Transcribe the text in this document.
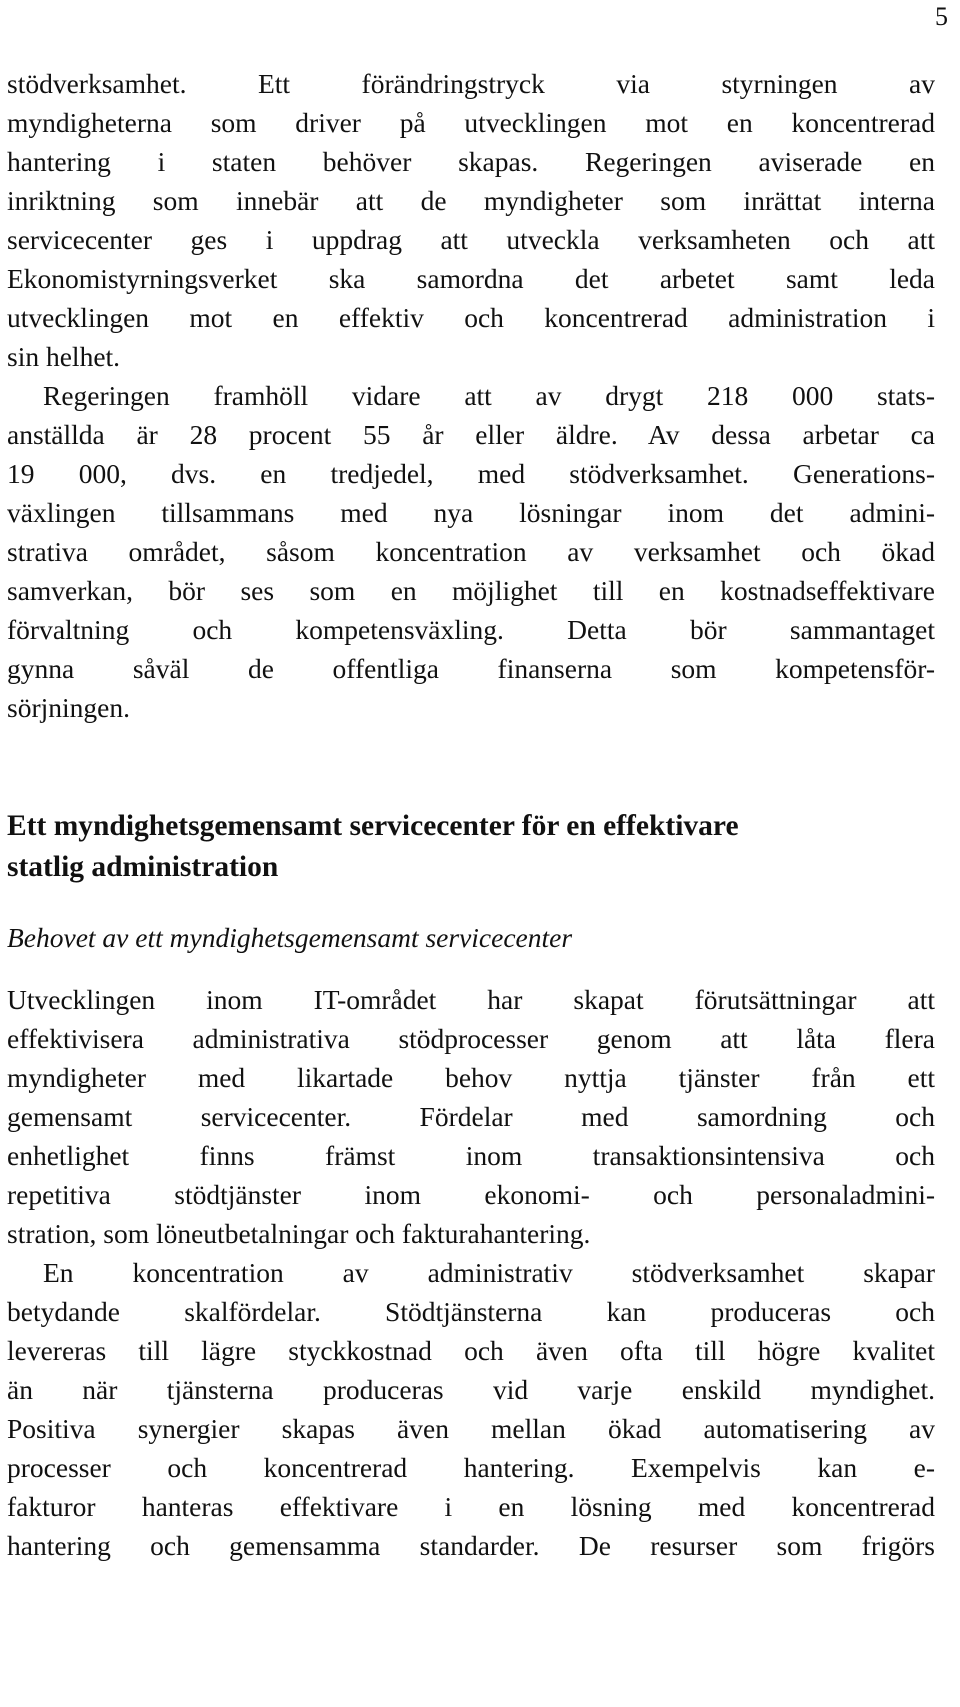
5
stödverksamhet. Ett förändringstryck via styrningen av
myndigheterna som driver på utvecklingen mot en koncentrerad
hantering i staten behöver skapas. Regeringen aviserade en
inriktning som innebär att de myndigheter som inrättat interna
servicecenter ges i uppdrag att utveckla verksamheten och att
Ekonomistyrningsverket ska samordna det arbetet samt leda
utvecklingen mot en effektiv och koncentrerad administration i
sin helhet.
Regeringen framhöll vidare att av drygt 218 000 stats-
anställda är 28 procent 55 år eller äldre. Av dessa arbetar ca
19 000, dvs. en tredjedel, med stödverksamhet. Generations-
växlingen tillsammans med nya lösningar inom det admini-
strativa området, såsom koncentration av verksamhet och ökad
samverkan, bör ses som en möjlighet till en kostnadseffektivare
förvaltning och kompetensväxling. Detta bör sammantaget
gynna såväl de offentliga finanserna som kompetensför-
sörjningen.
Ett myndighetsgemensamt servicecenter för en effektivare
statlig administration
Behovet av ett myndighetsgemensamt servicecenter
Utvecklingen inom IT-området har skapat förutsättningar att
effektivisera administrativa stödprocesser genom att låta flera
myndigheter med likartade behov nyttja tjänster från ett
gemensamt servicecenter. Fördelar med samordning och
enhetlighet finns främst inom transaktionsintensiva och
repetitiva stödtjänster inom ekonomi- och personaladmini-
stration, som löneutbetalningar och fakturahantering.
En koncentration av administrativ stödverksamhet skapar
betydande skalfördelar. Stödtjänsterna kan produceras och
levereras till lägre styckkostnad och även ofta till högre kvalitet
än när tjänsterna produceras vid varje enskild myndighet.
Positiva synergier skapas även mellan ökad automatisering av
processer och koncentrerad hantering. Exempelvis kan e-
fakturor hanteras effektivare i en lösning med koncentrerad
hantering och gemensamma standarder. De resurser som frigörs
